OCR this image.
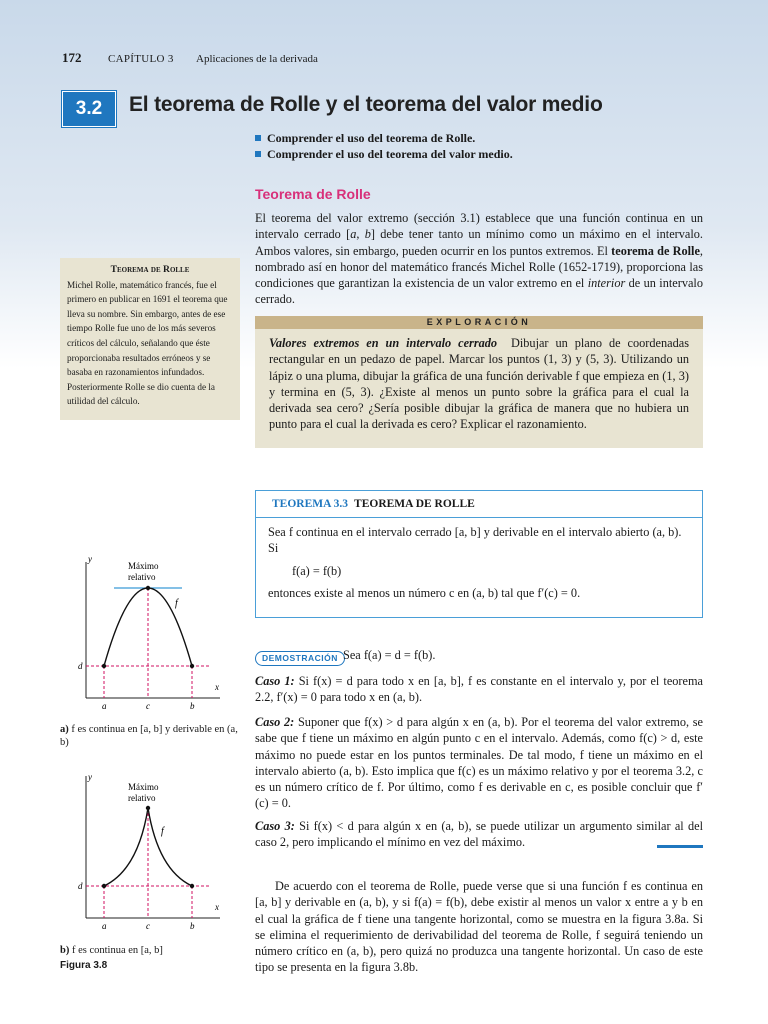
172	CAPÍTULO 3	Aplicaciones de la derivada
3.2	El teorema de Rolle y el teorema del valor medio
Comprender el uso del teorema de Rolle.
Comprender el uso del teorema del valor medio.
Teorema de Rolle
El teorema del valor extremo (sección 3.1) establece que una función continua en un intervalo cerrado [a, b] debe tener tanto un mínimo como un máximo en el intervalo. Ambos valores, sin embargo, pueden ocurrir en los puntos extremos. El teorema de Rolle, nombrado así en honor del matemático francés Michel Rolle (1652-1719), proporciona las condiciones que garantizan la existencia de un valor extremo en el interior de un intervalo cerrado.
Teorema de Rolle
Michel Rolle, matemático francés, fue el primero en publicar en 1691 el teorema que lleva su nombre. Sin embargo, antes de ese tiempo Rolle fue uno de los más severos críticos del cálculo, señalando que éste proporcionaba resultados erróneos y se basaba en razonamientos infundados. Posteriormente Rolle se dio cuenta de la utilidad del cálculo.
EXPLORACIÓN
Valores extremos en un intervalo cerrado Dibujar un plano de coordenadas rectangular en un pedazo de papel. Marcar los puntos (1, 3) y (5, 3). Utilizando un lápiz o una pluma, dibujar la gráfica de una función derivable f que empieza en (1, 3) y termina en (5, 3). ¿Existe al menos un punto sobre la gráfica para el cual la derivada sea cero? ¿Sería posible dibujar la gráfica de manera que no hubiera un punto para el cual la derivada es cero? Explicar el razonamiento.
TEOREMA 3.3 TEOREMA DE ROLLE
Sea f continua en el intervalo cerrado [a, b] y derivable en el intervalo abierto (a, b).
Si
f(a) = f(b)
entonces existe al menos un número c en (a, b) tal que f′(c) = 0.
DEMOSTRACIÓN Sea f(a) = d = f(b).
Caso 1: Si f(x) = d para todo x en [a, b], f es constante en el intervalo y, por el teorema 2.2, f′(x) = 0 para todo x en (a, b).
Caso 2: Suponer que f(x) > d para algún x en (a, b). Por el teorema del valor extremo, se sabe que f tiene un máximo en algún punto c en el intervalo. Además, como f(c) > d, este máximo no puede estar en los puntos terminales. De tal modo, f tiene un máximo en el intervalo abierto (a, b). Esto implica que f(c) es un máximo relativo y por el teorema 3.2, c es un número crítico de f. Por último, como f es derivable en c, es posible concluir que f′(c) = 0.
Caso 3: Si f(x) < d para algún x en (a, b), se puede utilizar un argumento similar al del caso 2, pero implicando el mínimo en vez del máximo.
De acuerdo con el teorema de Rolle, puede verse que si una función f es continua en [a, b] y derivable en (a, b), y si f(a) = f(b), debe existir al menos un valor x entre a y b en el cual la gráfica de f tiene una tangente horizontal, como se muestra en la figura 3.8a. Si se elimina el requerimiento de derivabilidad del teorema de Rolle, f seguirá teniendo un número crítico en (a, b), pero quizá no produzca una tangente horizontal. Un caso de este tipo se presenta en la figura 3.8b.
x
y
Máximo
relativo
f
d
a	c	b
a) f es continua en [a, b] y derivable en (a, b)
x
y
Máximo
relativo
f
d
a	c	b
b) f es continua en [a, b]
Figura 3.8
